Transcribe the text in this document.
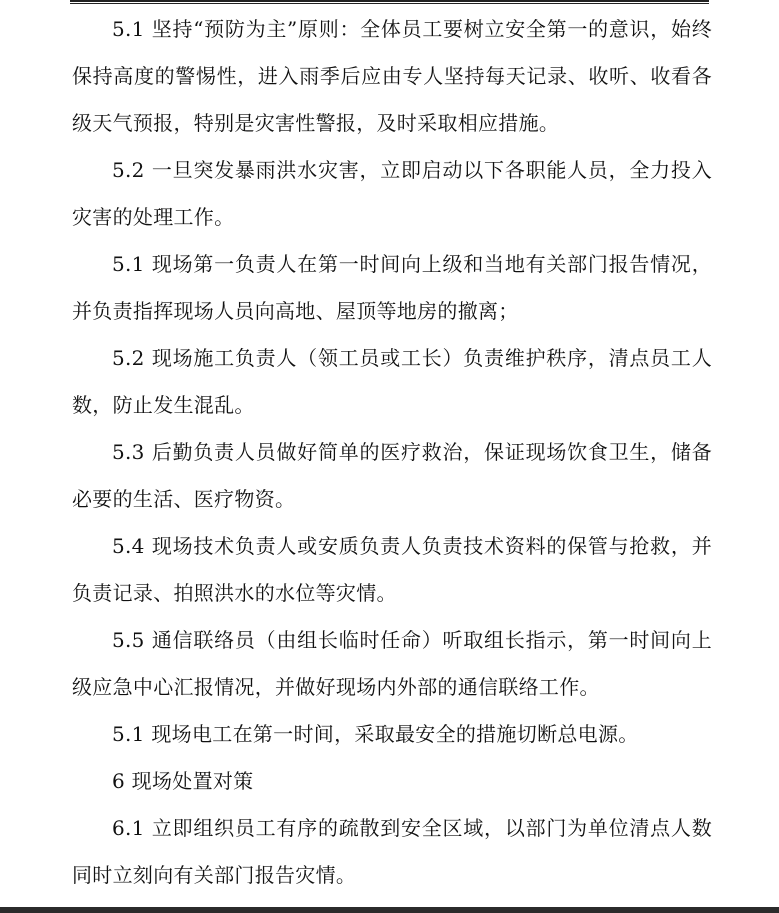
5.1 坚持“预防为主”原则：全体员工要树立安全第一的意识，始终保持高度的警惕性，进入雨季后应由专人坚持每天记录、收听、收看各级天气预报，特别是灾害性警报，及时采取相应措施。

5.2 一旦突发暴雨洪水灾害，立即启动以下各职能人员，全力投入灾害的处理工作。

5.1 现场第一负责人在第一时间向上级和当地有关部门报告情况，并负责指挥现场人员向高地、屋顶等地房的撤离；

5.2 现场施工负责人（领工员或工长）负责维护秩序，清点员工人数，防止发生混乱。

5.3 后勤负责人员做好简单的医疗救治，保证现场饮食卫生，储备必要的生活、医疗物资。

5.4 现场技术负责人或安质负责人负责技术资料的保管与抢救，并负责记录、拍照洪水的水位等灾情。

5.5 通信联络员（由组长临时任命）听取组长指示，第一时间向上级应急中心汇报情况，并做好现场内外部的通信联络工作。

5.1 现场电工在第一时间，采取最安全的措施切断总电源。

6 现场处置对策

6.1 立即组织员工有序的疏散到安全区域，以部门为单位清点人数同时立刻向有关部门报告灾情。
